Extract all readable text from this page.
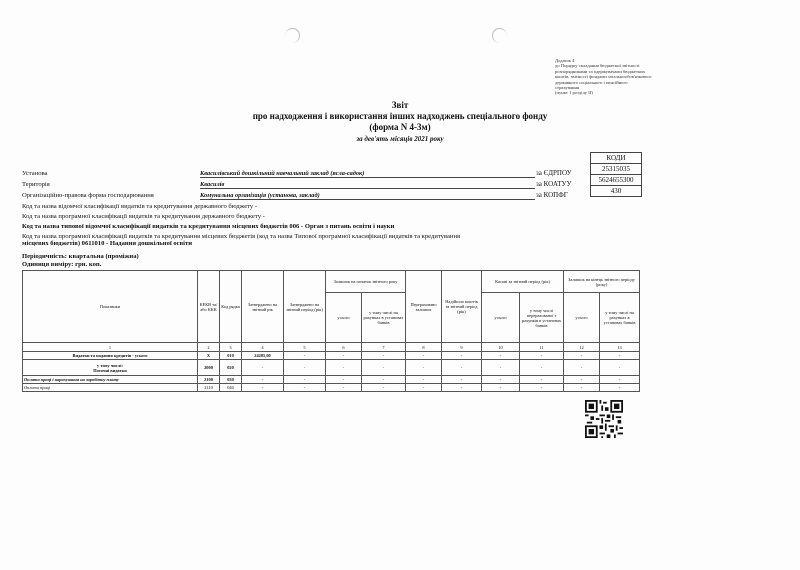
Додаток 4
до Порядку складання бюджетної звітності
розпорядниками та одержувачами бюджетних
коштів, звітності фондами загальнообов'язкового
державного соціального і пенсійного
страхування
(пункт 1 розділу II)
Звіт
про надходження і використання інших надходжень спеціального фонду
(форма N 4-3м)
за дев'ять місяців 2021 року
КОДИ
25315035
5624655300
430
Установа	Квасилівський дошкільний навчальний заклад (ясла-садок)	за ЄДРПОУ
Територія	Квасилів	за КОАТУУ
Організаційно-правова форма господарювання	Комунальна організація (установа, заклад)	за КОПФГ
Код та назва відомчої класифікації видатків та кредитування державного бюджету -
Код та назва програмної класифікації видатків та кредитування державного бюджету -
Код та назва типової відомчої класифікації видатків та кредитування місцевих бюджетів 006 - Орган з питань освіти і науки
Код та назва програмної класифікації видатків та кредитування місцевих бюджетів (код та назва Типової програмної класифікації видатків та кредитування
місцевих бюджетів) 0611010 - Надання дошкільної освіти
Періодичність: квартальна (проміжна)
Одиниця виміру: грн. коп.
Показники	КЕКВ та/або ККК	Код рядка	Затверджено на звітний рік	Затверджено на звітний період (рік)	Залишок на початок звітного року		Перераховано залишок	Надійшло коштів за звітний період (рік)	Касові за звітний період (рік)		Залишок на кінець звітного періоду (року)	
					усього	у тому числі на рахунках в установах банків			усього	у тому числі перерахованої з рахунків в установах банків	усього	у тому числі на рахунках в установах банків
1	2	3	4	5	6	7	8	9	10	11	12	13
Видатки та надання кредитів - усього	X	010	24205,00	-	-	-	-	-	-	-	-	-
у тому числі:
Поточні видатки	2000	020	-	-	-	-	-	-	-	-	-	-
Оплата праці і нарахування на заробітну плату	2100	030	-	-	-	-	-	-	-	-	-	-
Оплата праці	2110	040	-	-	-	-	-	-	-	-	-	-
